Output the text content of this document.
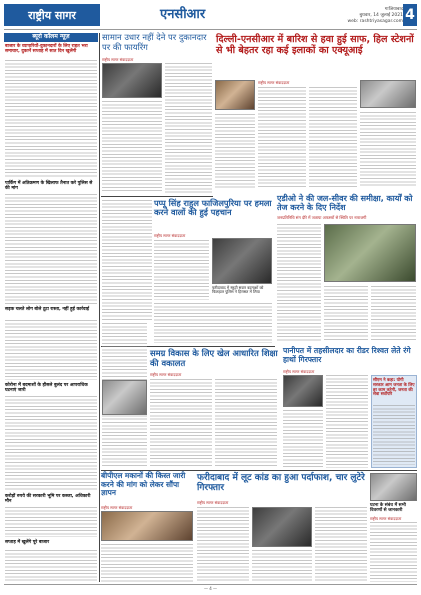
राष्ट्रीय सागर	एनसीआर	गाजियाबाद
बुधवार, 14 जुलाई 2021
web: rashtriyasagar.com 4
ब्यूरो कॉलम न्यूज़
बाजार के व्यापारियों-दुकानदारों के लिए राहत भरा समाचार, दुकानें सप्ताह में सात दिन खुलेंगी
पार्किंग में अतिक्रमण के खिलाफ तैनात करे पुलिस से की मांग
सड़क चलते लोग बोले टूटा रास्ता, नहीं हुई कार्रवाई
कोरोना में बदमाशों के हौसले बुलंद पर आपराधिक घटनाएं जारी
करोड़ों रुपये की सरकारी भूमि पर कब्जा, अधिकारी मौन
सप्ताह में खुलेंगे पूरे बाजार
सामान उधार नहीं देने पर दुकानदार पर की फायरिंग
राष्ट्रीय सागर संवाददाता
दिल्ली-एनसीआर में बारिश से हवा हुई साफ, हिल स्टेशनों से भी बेहतर रहा कई इलाकों का एक्यूआई
राष्ट्रीय सागर संवाददाता
पप्पू सिंह राहुल फाजिलपुरिया पर हमला करने वालों की हुई पहचान
राष्ट्रीय सागर संवाददाता
फरीदाबाद में स्कूटी सवार बदमाशों को फिलहाल पुलिस ने हिरासत में लिया
एडीओ ने की जल-सीवर की समीक्षा, कार्यों को तेज करने के दिए निर्देश
जनप्रतिनिधि संग दौरे में जताया अफसरों से स्थिति पर नाराजगी
समग्र विकास के लिए खेल आधारित शिक्षा की वकालत
राष्ट्रीय सागर संवाददाता
पानीपत में तहसीलदार का रीडर रिश्वत लेते रंगे हाथों गिरफ्तार
राष्ट्रीय सागर संवाददाता
सीएम ने कहा: योगी सरकार आम जनता के लिए हर काम करेगी, जनता की सेवा सर्वोपरि
बीपीएल मकानों की किस्त जारी करने की मांग को लेकर सौंपा ज्ञापन
राष्ट्रीय सागर संवाददाता
फरीदाबाद में लूट कांड का हुआ पर्दाफाश, चार लुटेरे गिरफ्तार
राष्ट्रीय सागर संवाददाता
घटना के संबंध में सभी विवरणों से जानकारी
राष्ट्रीय सागर संवाददाता
— 4 —
